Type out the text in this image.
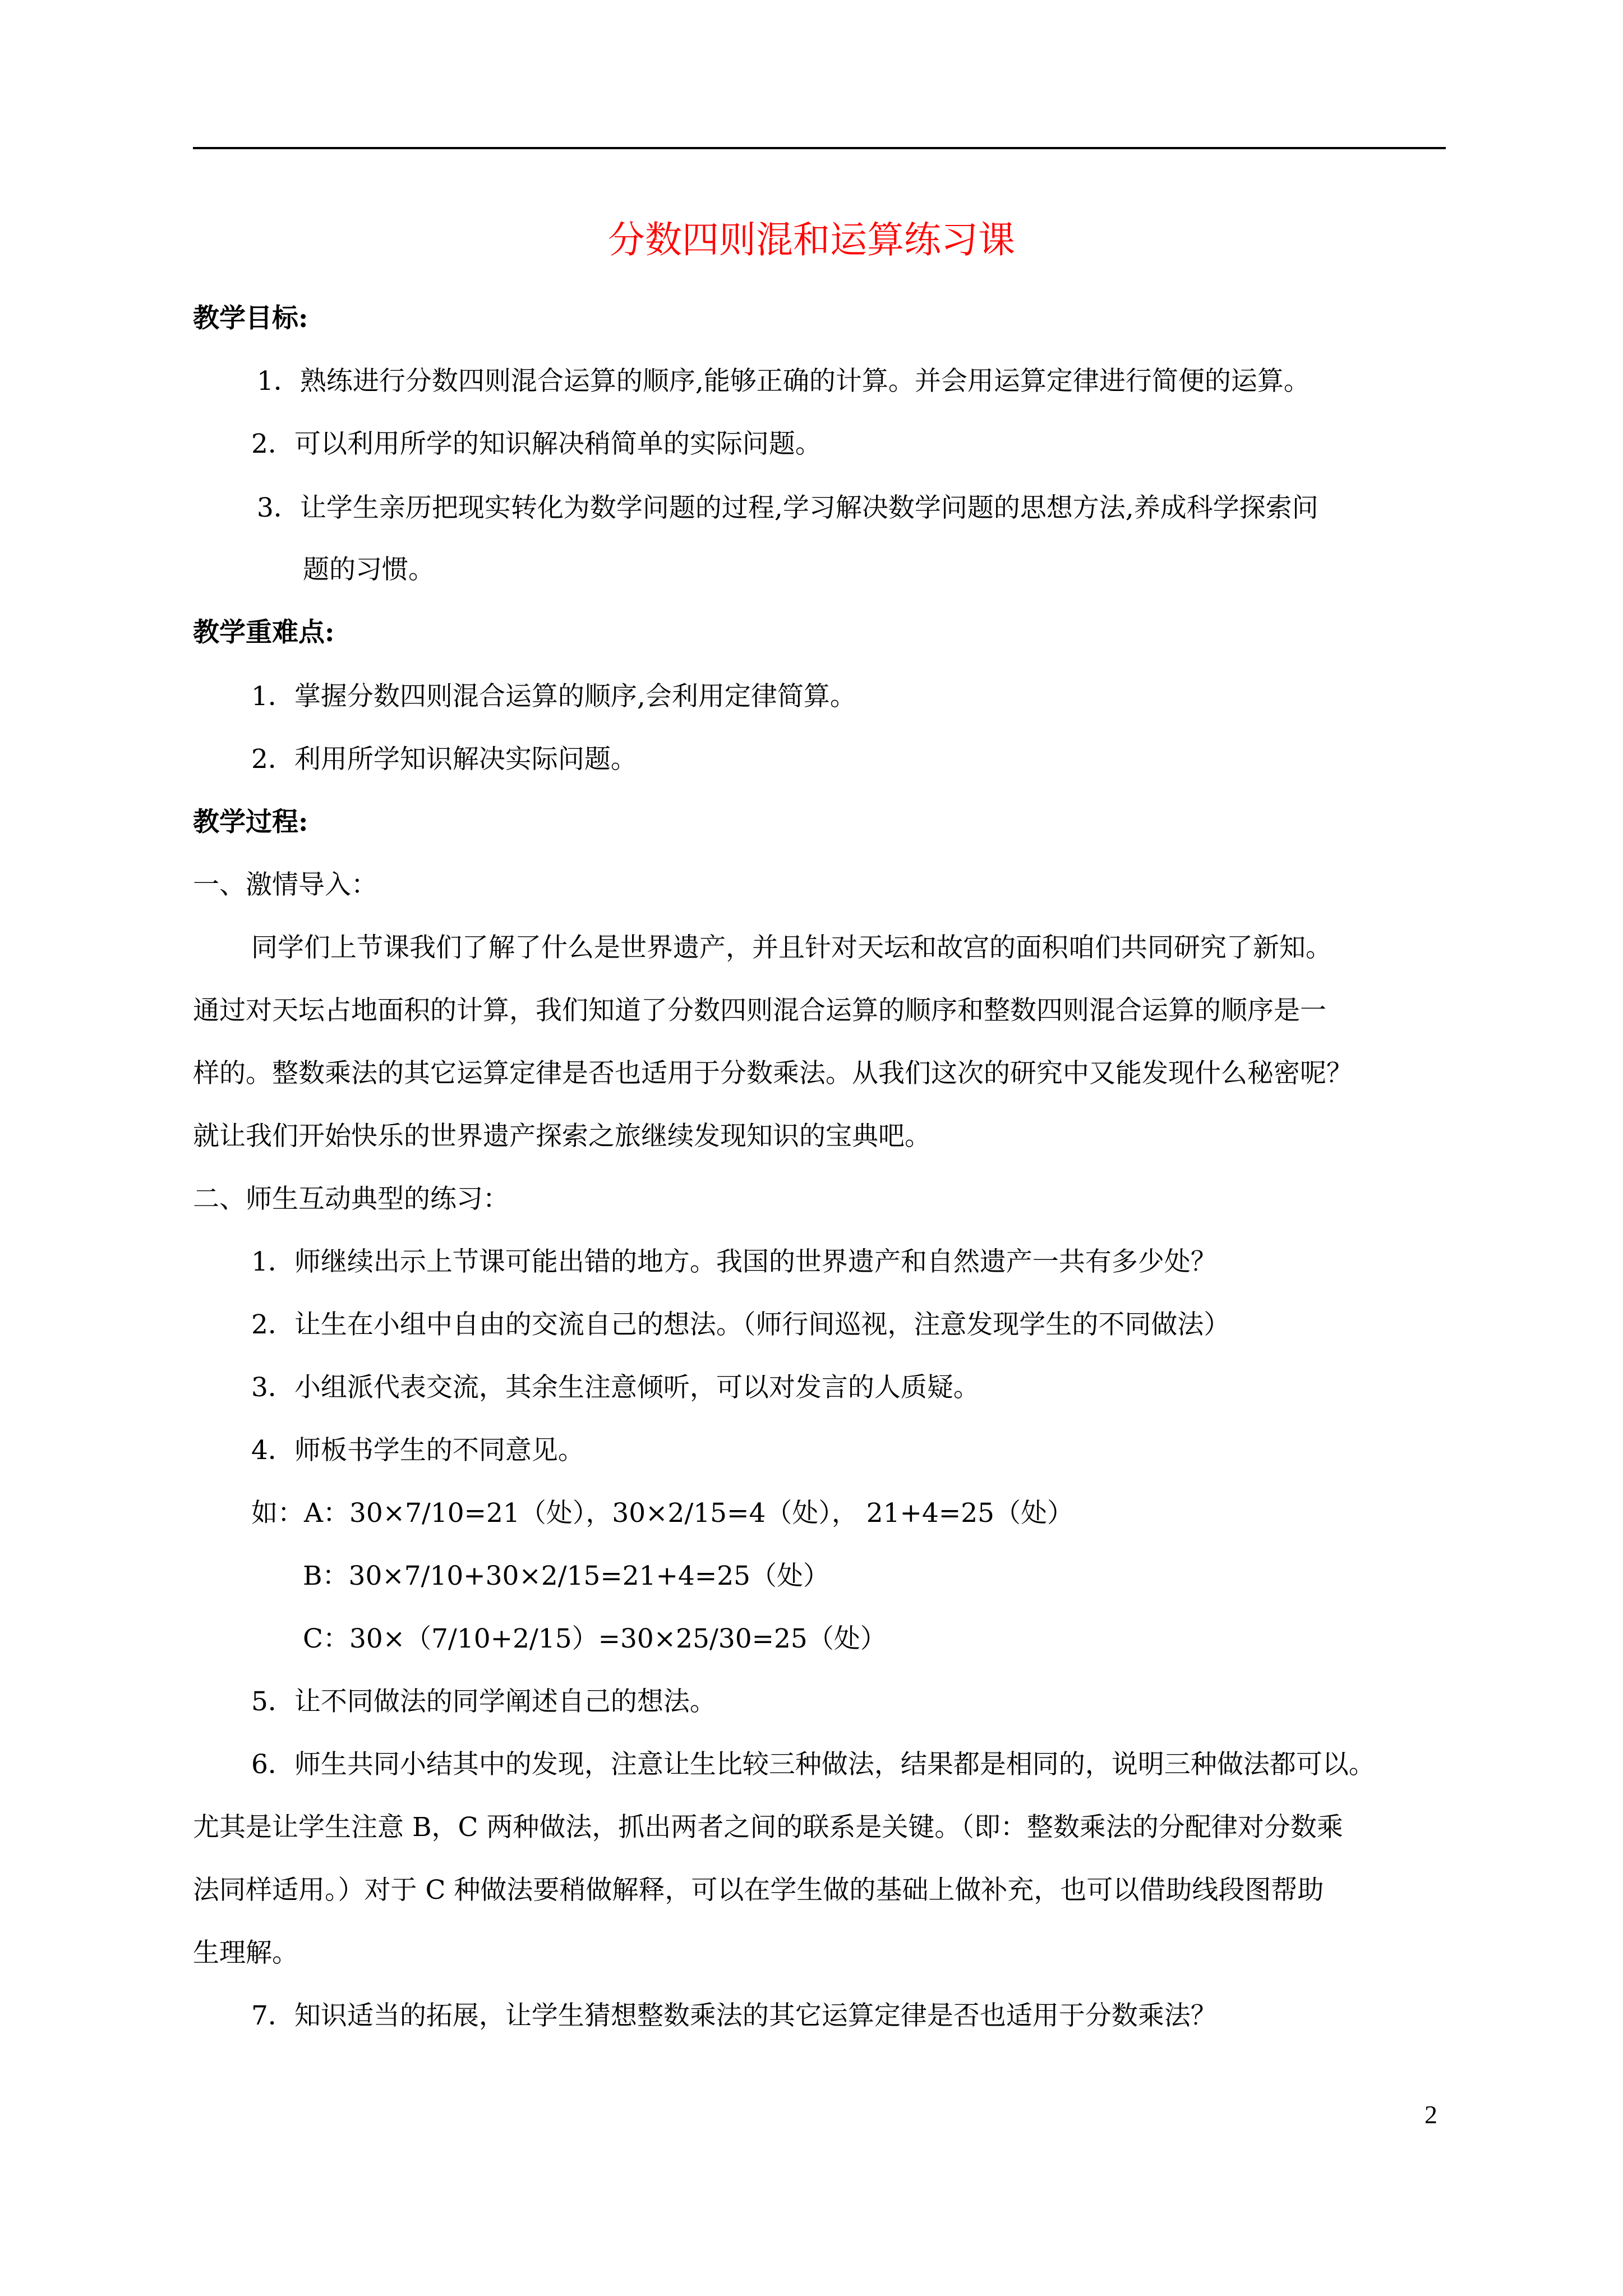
分数四则混和运算练习课
教学目标:
1．熟练进行分数四则混合运算的顺序,能够正确的计算。并会用运算定律进行简便的运算。
2．可以利用所学的知识解决稍简单的实际问题。
3．让学生亲历把现实转化为数学问题的过程,学习解决数学问题的思想方法,养成科学探索问
题的习惯。
教学重难点:
1．掌握分数四则混合运算的顺序,会利用定律简算。
2．利用所学知识解决实际问题。
教学过程:
一、激情导入：
同学们上节课我们了解了什么是世界遗产，并且针对天坛和故宫的面积咱们共同研究了新知。
通过对天坛占地面积的计算，我们知道了分数四则混合运算的顺序和整数四则混合运算的顺序是一
样的。整数乘法的其它运算定律是否也适用于分数乘法。从我们这次的研究中又能发现什么秘密呢？
就让我们开始快乐的世界遗产探索之旅继续发现知识的宝典吧。
二、师生互动典型的练习：
1．师继续出示上节课可能出错的地方。我国的世界遗产和自然遗产一共有多少处？
2．让生在小组中自由的交流自己的想法。（师行间巡视，注意发现学生的不同做法）
3．小组派代表交流，其余生注意倾听，可以对发言的人质疑。
4．师板书学生的不同意见。
如：A：30×7/10=21（处），30×2/15=4（处）， 21+4=25（处）
B：30×7/10+30×2/15=21+4=25（处）
C：30×（7/10+2/15）=30×25/30=25（处）
5．让不同做法的同学阐述自己的想法。
6．师生共同小结其中的发现，注意让生比较三种做法，结果都是相同的，说明三种做法都可以。
尤其是让学生注意 B，C 两种做法，抓出两者之间的联系是关键。（即：整数乘法的分配律对分数乘
法同样适用。）对于 C 种做法要稍做解释，可以在学生做的基础上做补充，也可以借助线段图帮助
生理解。
7．知识适当的拓展，让学生猜想整数乘法的其它运算定律是否也适用于分数乘法？
2
